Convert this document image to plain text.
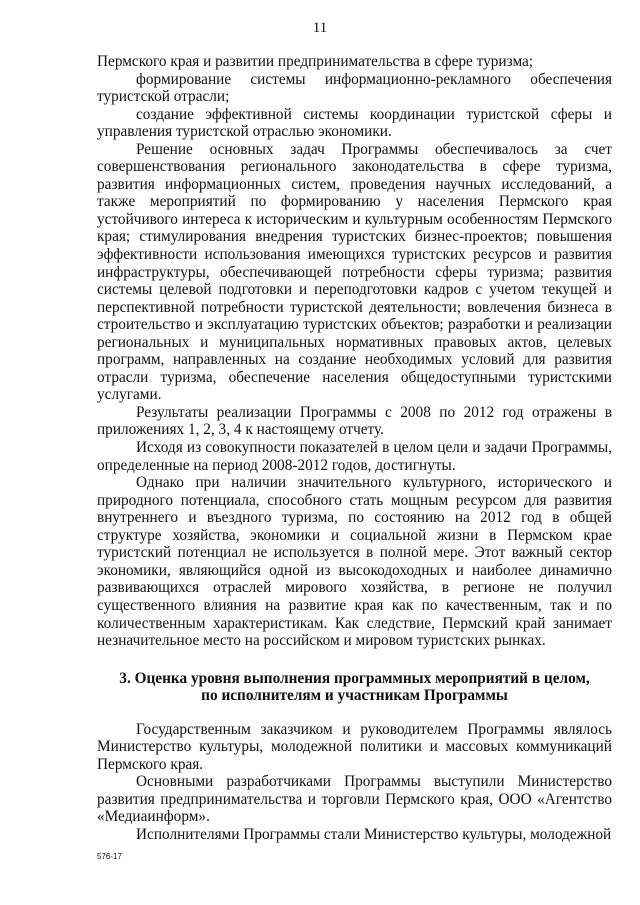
11

Пермского края и развитии предпринимательства в сфере туризма;

формирование системы информационно-рекламного обеспечения туристской отрасли;

создание эффективной системы координации туристской сферы и управления туристской отраслью экономики.

Решение основных задач Программы обеспечивалось за счет совершенствования регионального законодательства в сфере туризма, развития информационных систем, проведения научных исследований, а также мероприятий по формированию у населения Пермского края устойчивого интереса к историческим и культурным особенностям Пермского края; стимулирования внедрения туристских бизнес-проектов; повышения эффективности использования имеющихся туристских ресурсов и развития инфраструктуры, обеспечивающей потребности сферы туризма; развития системы целевой подготовки и переподготовки кадров с учетом текущей и перспективной потребности туристской деятельности; вовлечения бизнеса в строительство и эксплуатацию туристских объектов; разработки и реализации региональных и муниципальных нормативных правовых актов, целевых программ, направленных на создание необходимых условий для развития отрасли туризма, обеспечение населения общедоступными туристскими услугами.

Результаты реализации Программы с 2008 по 2012 год отражены в приложениях 1, 2, 3, 4 к настоящему отчету.

Исходя из совокупности показателей в целом цели и задачи Программы, определенные на период 2008-2012 годов, достигнуты.

Однако при наличии значительного культурного, исторического и природного потенциала, способного стать мощным ресурсом для развития внутреннего и въездного туризма, по состоянию на 2012 год в общей структуре хозяйства, экономики и социальной жизни в Пермском крае туристский потенциал не используется в полной мере. Этот важный сектор экономики, являющийся одной из высокодоходных и наиболее динамично развивающихся отраслей мирового хозяйства, в регионе не получил существенного влияния на развитие края как по качественным, так и по количественным характеристикам. Как следствие, Пермский край занимает незначительное место на российском и мировом туристских рынках.

3. Оценка уровня выполнения программных мероприятий в целом,
по исполнителям и участникам Программы

Государственным заказчиком и руководителем Программы являлось Министерство культуры, молодежной политики и массовых коммуникаций Пермского края.

Основными разработчиками Программы выступили Министерство развития предпринимательства и торговли Пермского края, ООО «Агентство «Медиаинформ».

Исполнителями Программы стали Министерство культуры, молодежной

576-17
